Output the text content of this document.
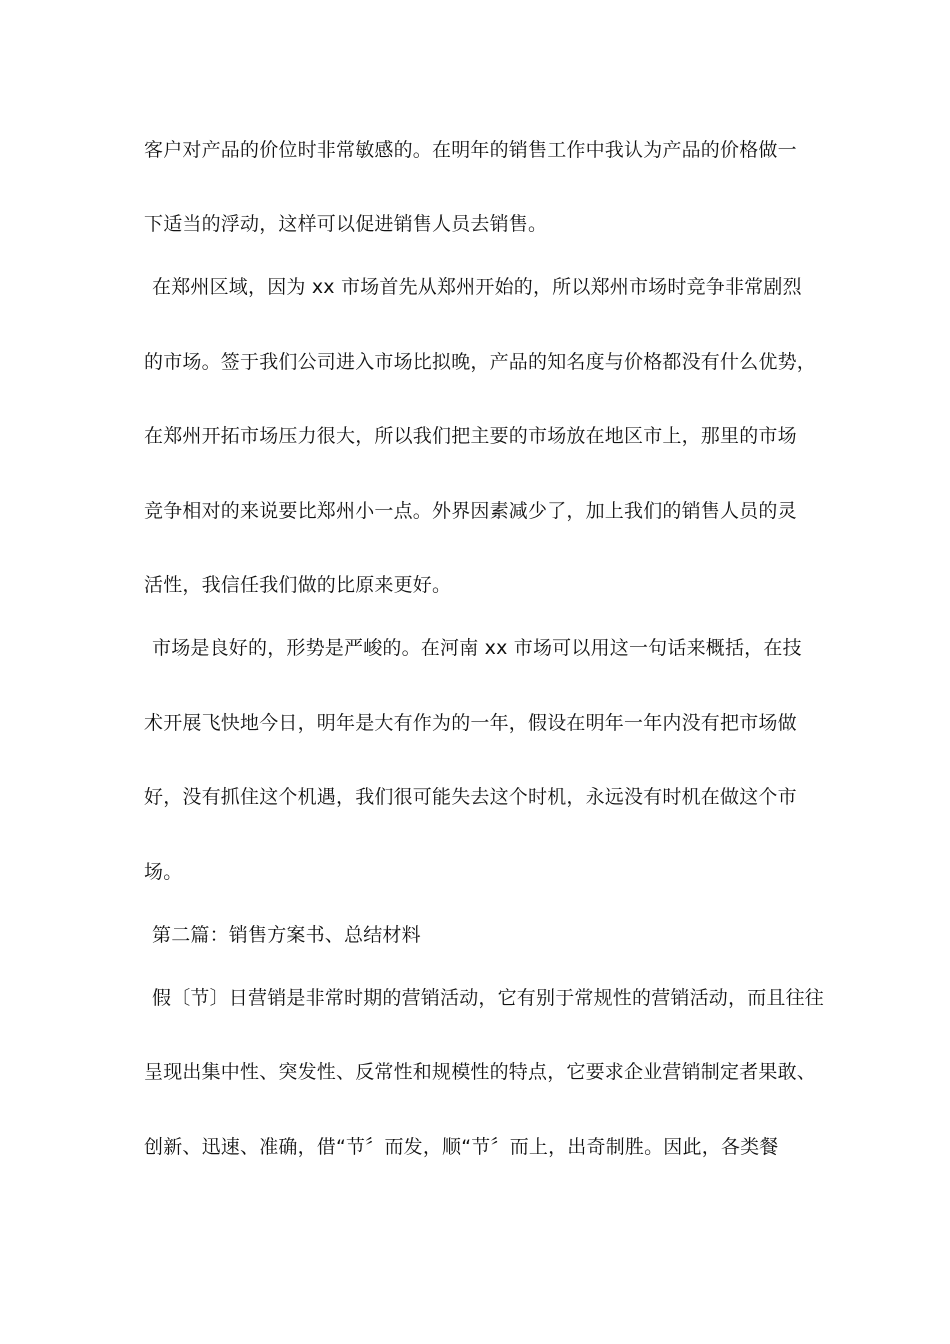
客户对产品的价位时非常敏感的。在明年的销售工作中我认为产品的价格做一
下适当的浮动，这样可以促进销售人员去销售。
在郑州区域，因为 xx 市场首先从郑州开始的，所以郑州市场时竞争非常剧烈
的市场。签于我们公司进入市场比拟晚，产品的知名度与价格都没有什么优势，
在郑州开拓市场压力很大，所以我们把主要的市场放在地区市上，那里的市场
竞争相对的来说要比郑州小一点。外界因素减少了，加上我们的销售人员的灵
活性，我信任我们做的比原来更好。
市场是良好的，形势是严峻的。在河南 xx 市场可以用这一句话来概括，在技
术开展飞快地今日，明年是大有作为的一年，假设在明年一年内没有把市场做
好，没有抓住这个机遇，我们很可能失去这个时机，永远没有时机在做这个市
场。
第二篇：销售方案书、总结材料
假〔节〕日营销是非常时期的营销活动，它有别于常规性的营销活动，而且往往
呈现出集中性、突发性、反常性和规模性的特点，它要求企业营销制定者果敢、
创新、迅速、准确，借“节〞而发，顺“节〞而上，出奇制胜。因此，各类餐
